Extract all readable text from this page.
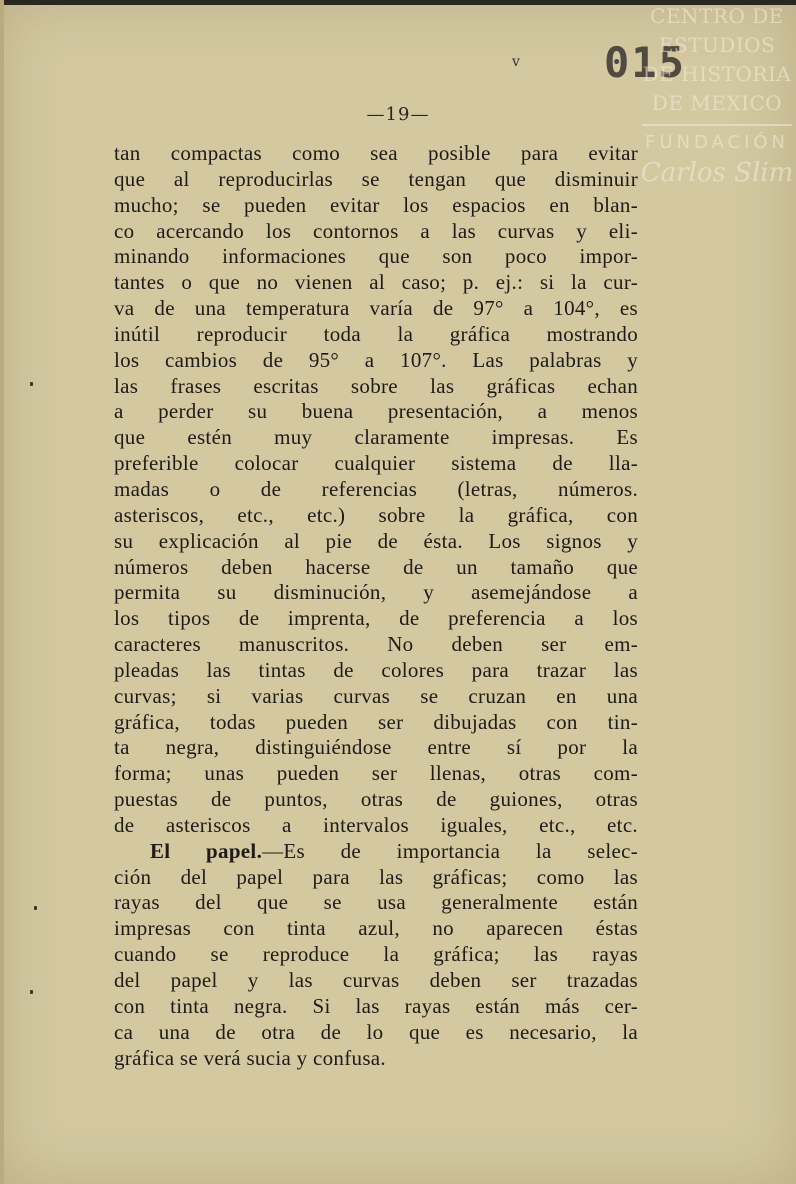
v 015
CENTRO DE
ESTUDIOS
DE HISTORIA
DE MEXICO
FUNDACIÓN
Carlos Slim
—19—
tan compactas como sea posible para evitar
que al reproducirlas se tengan que disminuir
mucho; se pueden evitar los espacios en blan-
co acercando los contornos a las curvas y eli-
minando informaciones que son poco impor-
tantes o que no vienen al caso; p. ej.: si la cur-
va de una temperatura varía de 97° a 104°, es
inútil reproducir toda la gráfica mostrando
los cambios de 95° a 107°. Las palabras y
las frases escritas sobre las gráficas echan
a perder su buena presentación, a menos
que estén muy claramente impresas. Es
preferible colocar cualquier sistema de lla-
madas o de referencias (letras, números.
asteriscos, etc., etc.) sobre la gráfica, con
su explicación al pie de ésta. Los signos y
números deben hacerse de un tamaño que
permita su disminución, y asemejándose a
los tipos de imprenta, de preferencia a los
caracteres manuscritos. No deben ser em-
pleadas las tintas de colores para trazar las
curvas; si varias curvas se cruzan en una
gráfica, todas pueden ser dibujadas con tin-
ta negra, distinguiéndose entre sí por la
forma; unas pueden ser llenas, otras com-
puestas de puntos, otras de guiones, otras
de asteriscos a intervalos iguales, etc., etc.
El papel.—Es de importancia la selec-
ción del papel para las gráficas; como las
rayas del que se usa generalmente están
impresas con tinta azul, no aparecen éstas
cuando se reproduce la gráfica; las rayas
del papel y las curvas deben ser trazadas
con tinta negra. Si las rayas están más cer-
ca una de otra de lo que es necesario, la
gráfica se verá sucia y confusa.
